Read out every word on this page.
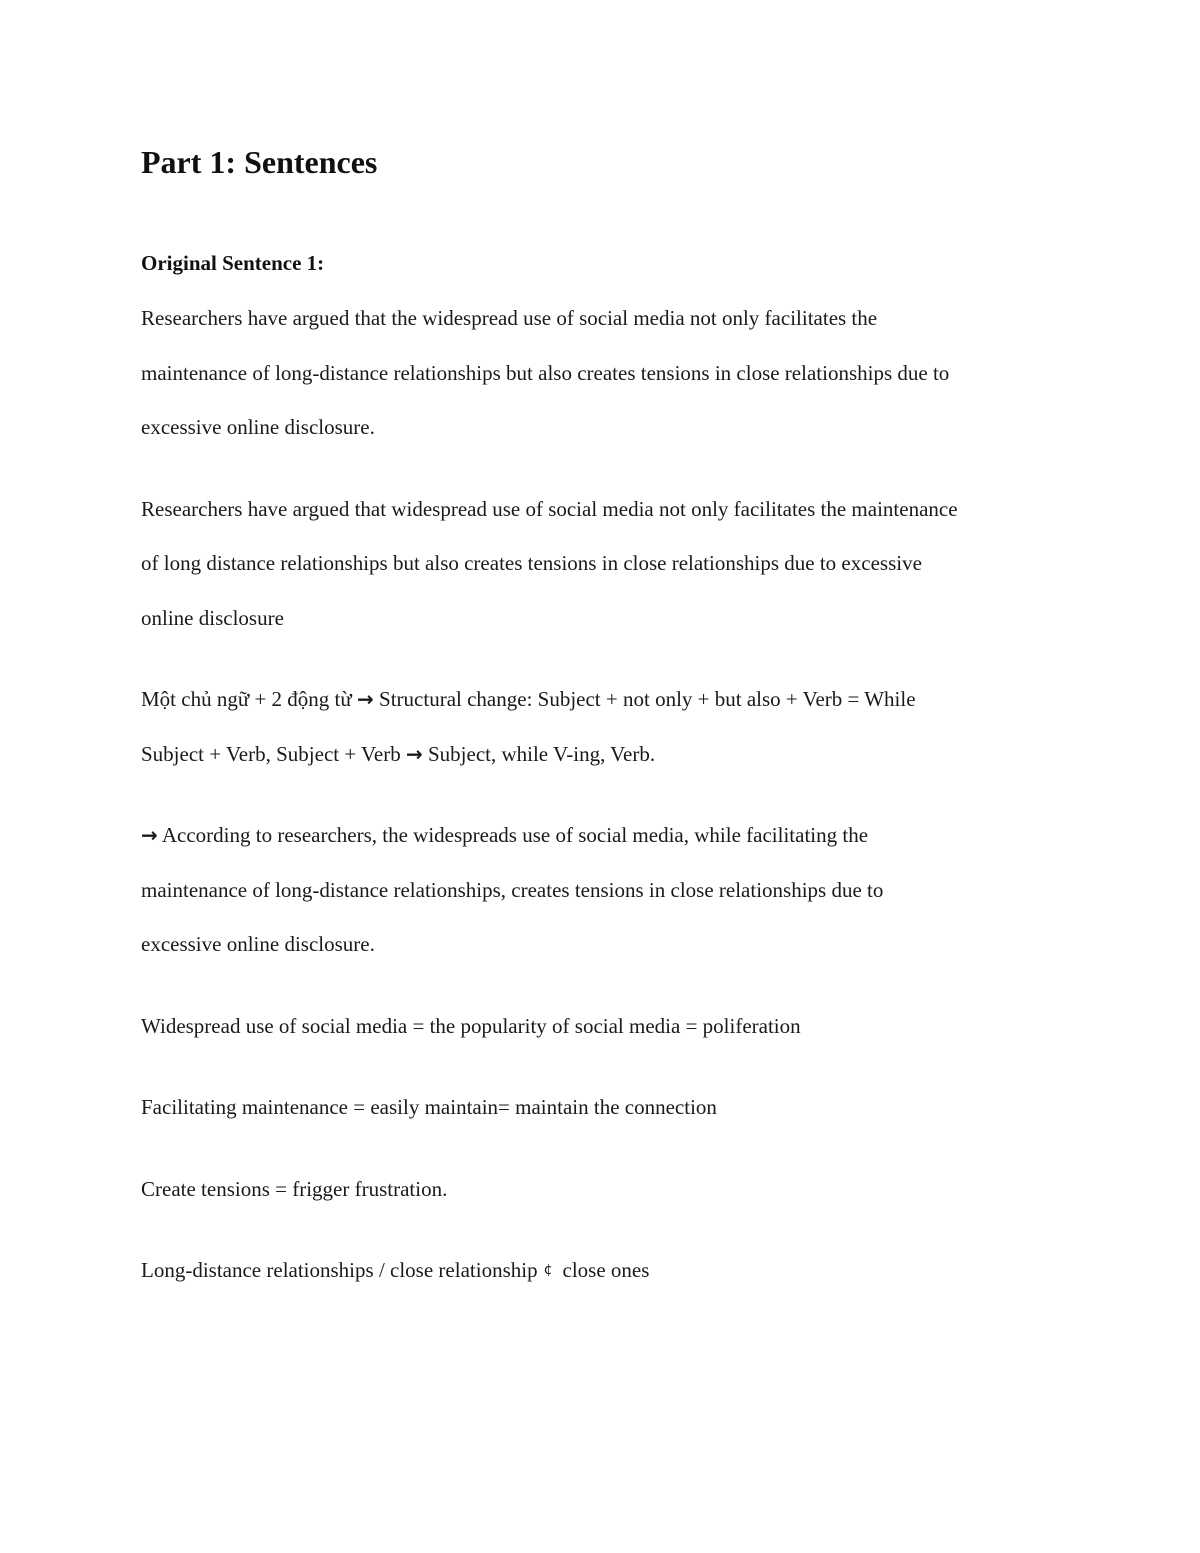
Part 1: Sentences
Original Sentence 1:

Researchers have argued that the widespread use of social media not only facilitates the

maintenance of long-distance relationships but also creates tensions in close relationships due to

excessive online disclosure.

Researchers have argued that widespread use of social media not only facilitates the maintenance

of long distance relationships but also creates tensions in close relationships due to excessive

online disclosure

Một chủ ngữ + 2 động từ → Structural change: Subject + not only + but also + Verb = While

Subject + Verb, Subject + Verb → Subject, while V-ing, Verb.

→ According to researchers, the widespreads use of social media, while facilitating the

maintenance of long-distance relationships, creates tensions in close relationships due to

excessive online disclosure.

Widespread use of social media = the popularity of social media = poliferation

Facilitating maintenance = easily maintain= maintain the connection

Create tensions = frigger frustration.

Long-distance relationships / close relationship ¢ close ones
